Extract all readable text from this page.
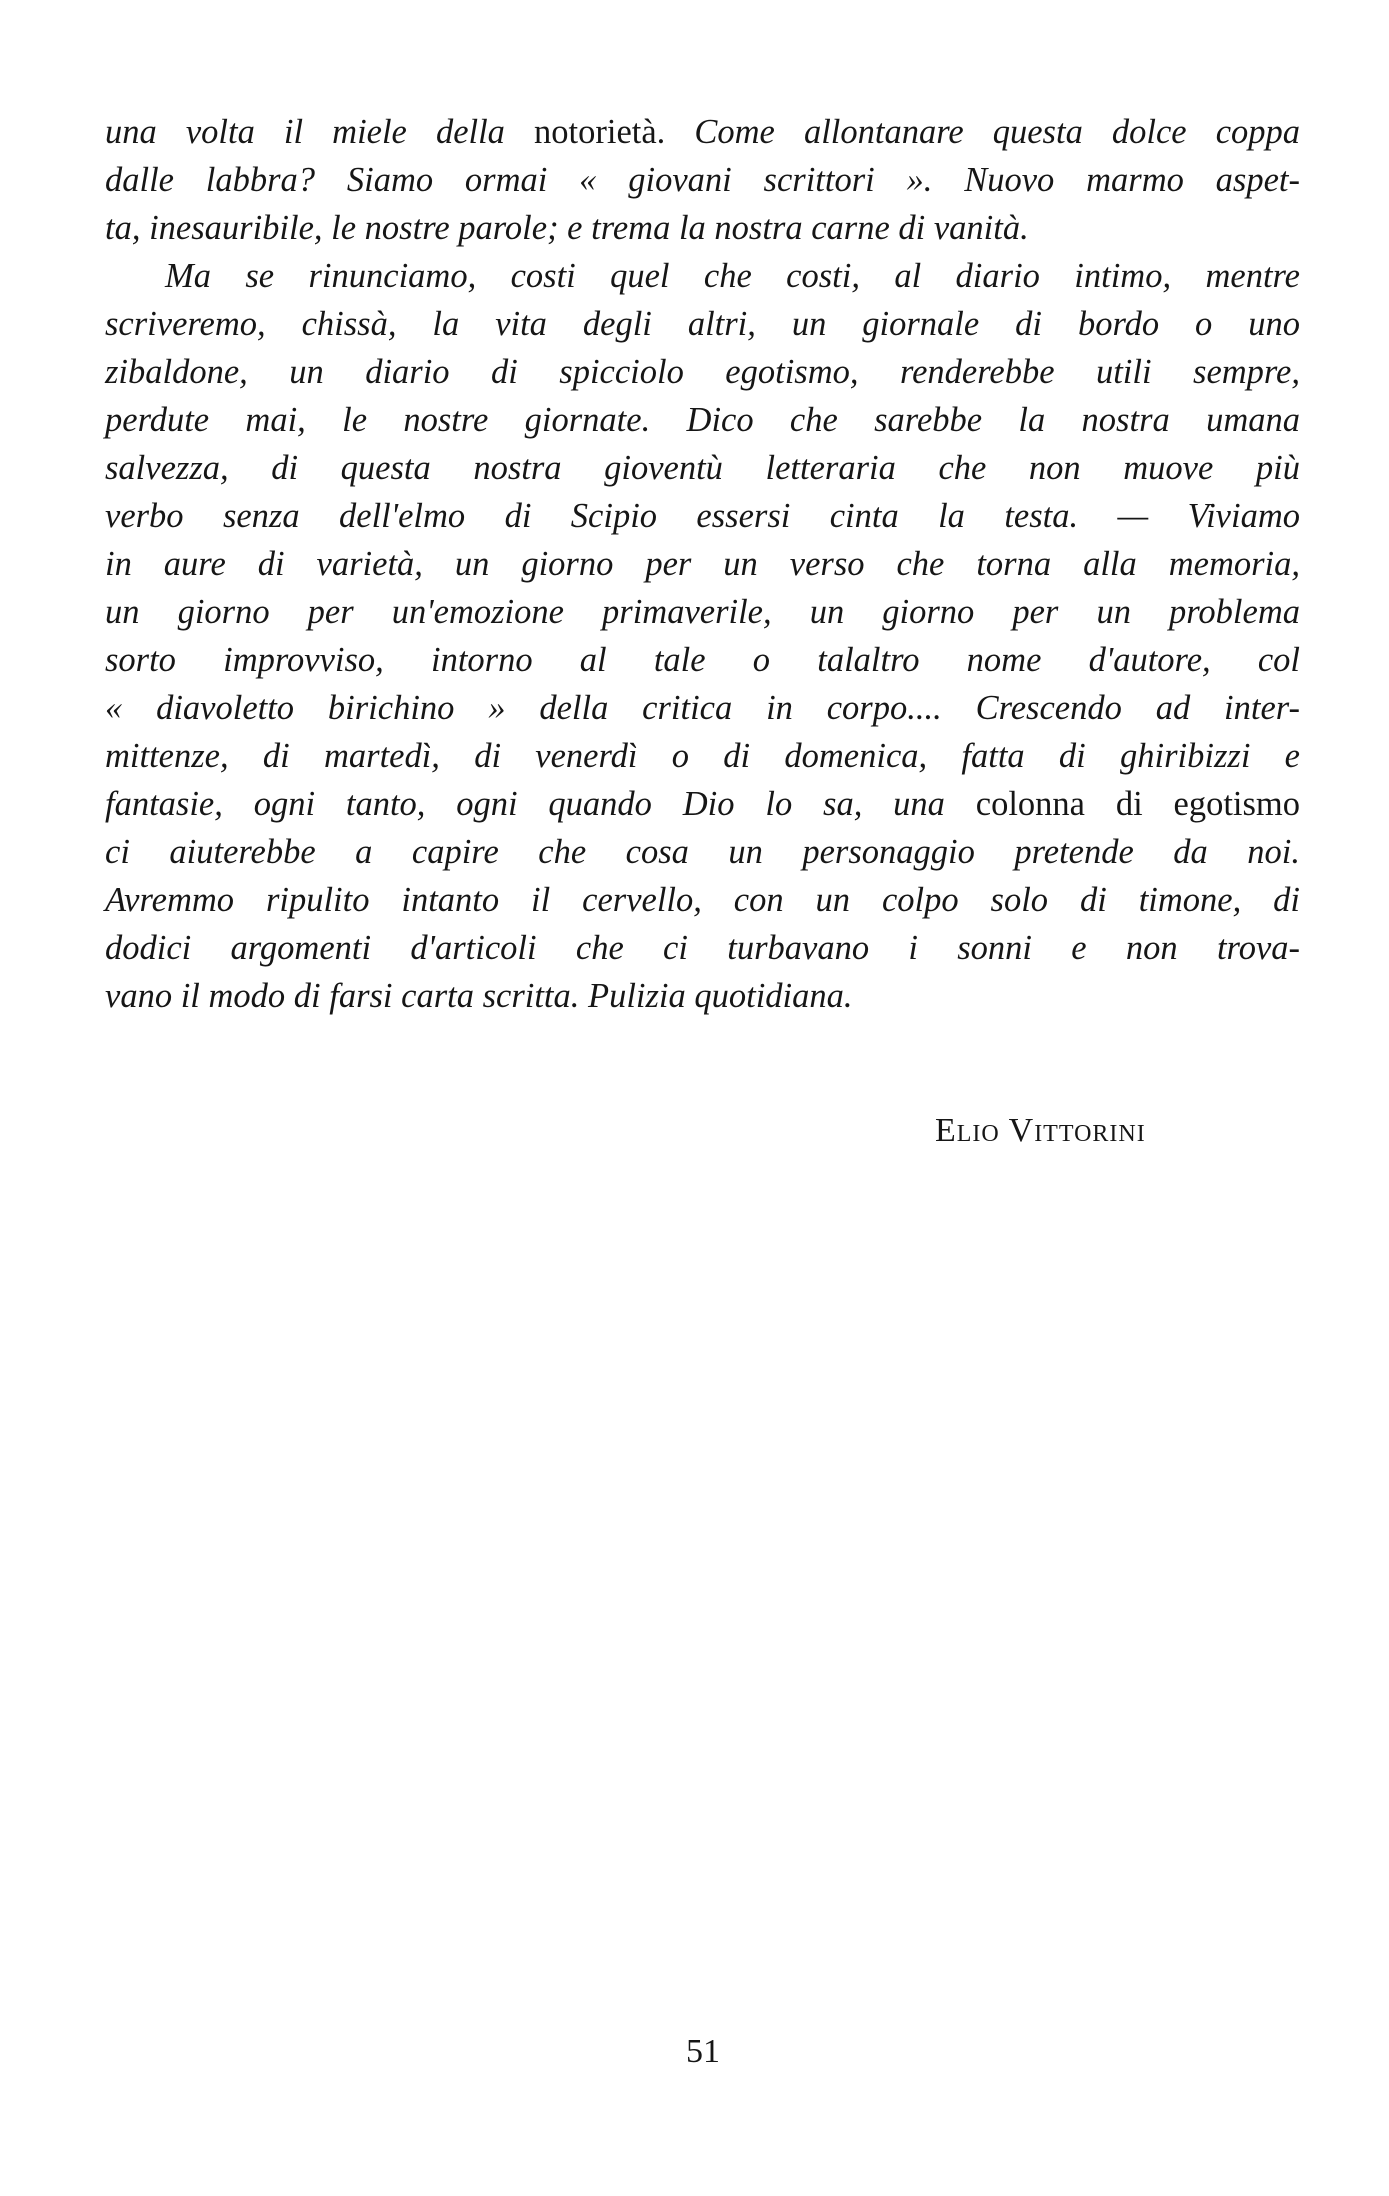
una volta il miele della notorietà. Come allontanare questa dolce coppa
dalle labbra? Siamo ormai « giovani scrittori ». Nuovo marmo aspet-
ta, inesauribile, le nostre parole; e trema la nostra carne di vanità.
Ma se rinunciamo, costi quel che costi, al diario intimo, mentre
scriveremo, chissà, la vita degli altri, un giornale di bordo o uno
zibaldone, un diario di spicciolo egotismo, renderebbe utili sempre,
perdute mai, le nostre giornate. Dico che sarebbe la nostra umana
salvezza, di questa nostra gioventù letteraria che non muove più
verbo senza dell'elmo di Scipio essersi cinta la testa. — Viviamo
in aure di varietà, un giorno per un verso che torna alla memoria,
un giorno per un'emozione primaverile, un giorno per un problema
sorto improvviso, intorno al tale o talaltro nome d'autore, col
« diavoletto birichino » della critica in corpo.... Crescendo ad inter-
mittenze, di martedì, di venerdì o di domenica, fatta di ghiribizzi e
fantasie, ogni tanto, ogni quando Dio lo sa, una colonna di egotismo
ci aiuterebbe a capire che cosa un personaggio pretende da noi.
Avremmo ripulito intanto il cervello, con un colpo solo di timone, di
dodici argomenti d'articoli che ci turbavano i sonni e non trova-
vano il modo di farsi carta scritta. Pulizia quotidiana.
Elio Vittorini
51
